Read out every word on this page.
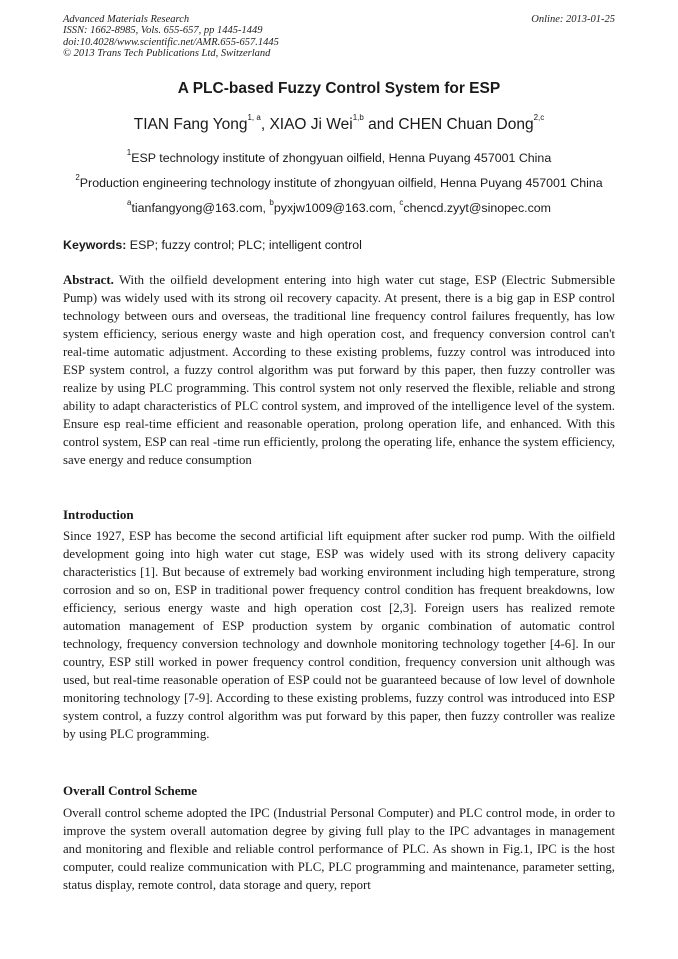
Advanced Materials Research
ISSN: 1662-8985, Vols. 655-657, pp 1445-1449
doi:10.4028/www.scientific.net/AMR.655-657.1445
© 2013 Trans Tech Publications Ltd, Switzerland
Online: 2013-01-25
A PLC-based Fuzzy Control System for ESP
TIAN Fang Yong$^{1, a}$, XIAO Ji Wei$^{1,b}$ and CHEN Chuan Dong$^{2,c}$
$^1$ESP technology institute of zhongyuan oilfield, Henna Puyang 457001 China
$^2$Production engineering technology institute of zhongyuan oilfield, Henna Puyang 457001 China
$^a$tianfangyong@163.com, $^b$pyxjw1009@163.com, $^c$chencd.zyyt@sinopec.com
Keywords: ESP; fuzzy control; PLC; intelligent control
Abstract. With the oilfield development entering into high water cut stage, ESP (Electric Submersible Pump) was widely used with its strong oil recovery capacity. At present, there is a big gap in ESP control technology between ours and overseas, the traditional line frequency control failures frequently, has low system efficiency, serious energy waste and high operation cost, and frequency conversion control can't real-time automatic adjustment. According to these existing problems, fuzzy control was introduced into ESP system control, a fuzzy control algorithm was put forward by this paper, then fuzzy controller was realize by using PLC programming. This control system not only reserved the flexible, reliable and strong ability to adapt characteristics of PLC control system, and improved of the intelligence level of the system. Ensure esp real-time efficient and reasonable operation, prolong operation life, and enhanced. With this control system, ESP can real -time run efficiently, prolong the operating life, enhance the system efficiency, save energy and reduce consumption
Introduction
Since 1927, ESP has become the second artificial lift equipment after sucker rod pump. With the oilfield development going into high water cut stage, ESP was widely used with its strong delivery capacity characteristics [1]. But because of extremely bad working environment including high temperature, strong corrosion and so on, ESP in traditional power frequency control condition has frequent breakdowns, low efficiency, serious energy waste and high operation cost [2,3]. Foreign users has realized remote automation management of ESP production system by organic combination of automatic control technology, frequency conversion technology and downhole monitoring technology together [4-6]. In our country, ESP still worked in power frequency control condition, frequency conversion unit although was used, but real-time reasonable operation of ESP could not be guaranteed because of low level of downhole monitoring technology [7-9]. According to these existing problems, fuzzy control was introduced into ESP system control, a fuzzy control algorithm was put forward by this paper, then fuzzy controller was realize by using PLC programming.
Overall Control Scheme
Overall control scheme adopted the IPC (Industrial Personal Computer) and PLC control mode, in order to improve the system overall automation degree by giving full play to the IPC advantages in management and monitoring and flexible and reliable control performance of PLC. As shown in Fig.1, IPC is the host computer, could realize communication with PLC, PLC programming and maintenance, parameter setting, status display, remote control, data storage and query, report
